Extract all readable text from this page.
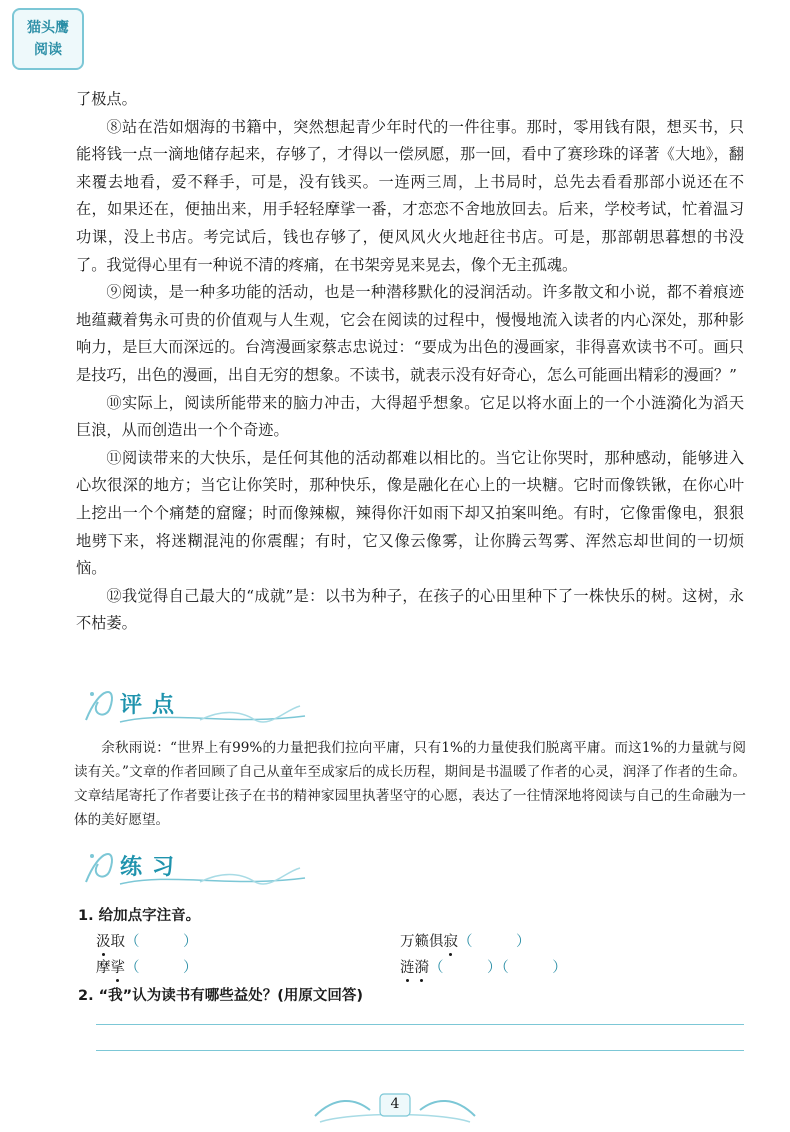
猫头鹰
阅读

了极点。

⑧站在浩如烟海的书籍中，突然想起青少年时代的一件往事。那时，零用钱有限，想买书，只能将钱一点一滴地储存起来，存够了，才得以一偿夙愿，那一回，看中了赛珍珠的译著《大地》，翻来覆去地看，爱不释手，可是，没有钱买。一连两三周，上书局时，总先去看看那部小说还在不在，如果还在，便抽出来，用手轻轻摩挲一番，才恋恋不舍地放回去。后来，学校考试，忙着温习功课，没上书店。考完试后，钱也存够了，便风风火火地赶往书店。可是，那部朝思暮想的书没了。我觉得心里有一种说不清的疼痛，在书架旁晃来晃去，像个无主孤魂。

⑨阅读，是一种多功能的活动，也是一种潜移默化的浸润活动。许多散文和小说，都不着痕迹地蕴藏着隽永可贵的价值观与人生观，它会在阅读的过程中，慢慢地流入读者的内心深处，那种影响力，是巨大而深远的。台湾漫画家蔡志忠说过：“要成为出色的漫画家，非得喜欢读书不可。画只是技巧，出色的漫画，出自无穷的想象。不读书，就表示没有好奇心，怎么可能画出精彩的漫画？”

⑩实际上，阅读所能带来的脑力冲击，大得超乎想象。它足以将水面上的一个小涟漪化为滔天巨浪，从而创造出一个个奇迹。

⑪阅读带来的大快乐，是任何其他的活动都难以相比的。当它让你哭时，那种感动，能够进入心坎很深的地方；当它让你笑时，那种快乐，像是融化在心上的一块糖。它时而像铁锹，在你心叶上挖出一个个痛楚的窟窿；时而像辣椒，辣得你汗如雨下却又拍案叫绝。有时，它像雷像电，狠狠地劈下来，将迷糊混沌的你震醒；有时，它又像云像雾，让你腾云驾雾、浑然忘却世间的一切烦恼。

⑫我觉得自己最大的“成就”是：以书为种子，在孩子的心田里种下了一株快乐的树。这树，永不枯萎。

评点

余秋雨说：“世界上有99%的力量把我们拉向平庸，只有1%的力量使我们脱离平庸。而这1%的力量就与阅读有关。”文章的作者回顾了自己从童年至成家后的成长历程，期间是书温暖了作者的心灵，润泽了作者的生命。文章结尾寄托了作者要让孩子在书的精神家园里执著坚守的心愿，表达了一往情深地将阅读与自己的生命融为一体的美好愿望。

练习
1. 给加点字注音。
汲取（　　　）	万籁俱寂（　　　）
摩挲（　　　）	涟漪（　　　）（　　　）
2. “我”认为读书有哪些益处？(用原文回答)
4
